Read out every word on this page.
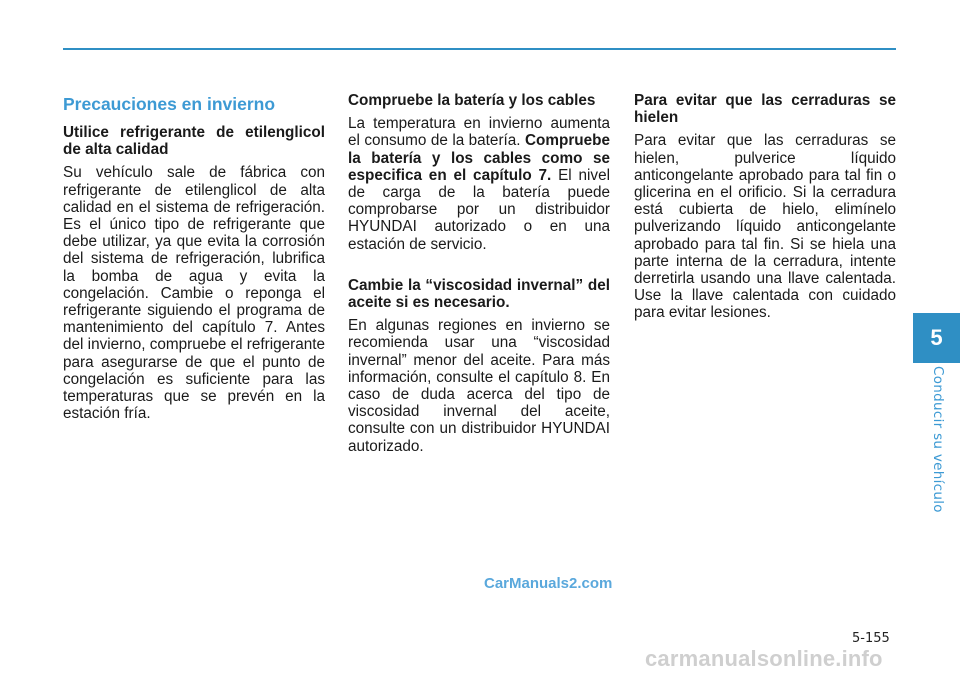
Precauciones en invierno

Utilice refrigerante de etilenglicol de alta calidad

Su vehículo sale de fábrica con refrigerante de etilenglicol de alta calidad en el sistema de refrigeración. Es el único tipo de refrigerante que debe utilizar, ya que evita la corrosión del sistema de refrigeración, lubrifica la bomba de agua y evita la congelación. Cambie o reponga el refrigerante siguiendo el programa de mantenimiento del capítulo 7. Antes del invierno, compruebe el refrigerante para asegurarse de que el punto de congelación es suficiente para las temperaturas que se prevén en la estación fría.

Compruebe la batería y los cables

La temperatura en invierno aumenta el consumo de la batería. Compruebe la batería y los cables como se especifica en el capítulo 7. El nivel de carga de la batería puede comprobarse por un distribuidor HYUNDAI autorizado o en una estación de servicio.

Cambie la “viscosidad invernal” del aceite si es necesario.

En algunas regiones en invierno se recomienda usar una “viscosidad invernal” menor del aceite. Para más información, consulte el capítulo 8. En caso de duda acerca del tipo de viscosidad invernal del aceite, consulte con un distribuidor HYUNDAI autorizado.

Para evitar que las cerraduras se hielen

Para evitar que las cerraduras se hielen, pulverice líquido anticongelante aprobado para tal fin o glicerina en el orificio. Si la cerradura está cubierta de hielo, elimínelo pulverizando líquido anticongelante aprobado para tal fin. Si se hiela una parte interna de la cerradura, intente derretirla usando una llave calentada. Use la llave calentada con cuidado para evitar lesiones.

5
Conducir su vehículo
CarManuals2.com
5-155
carmanualsonline.info
